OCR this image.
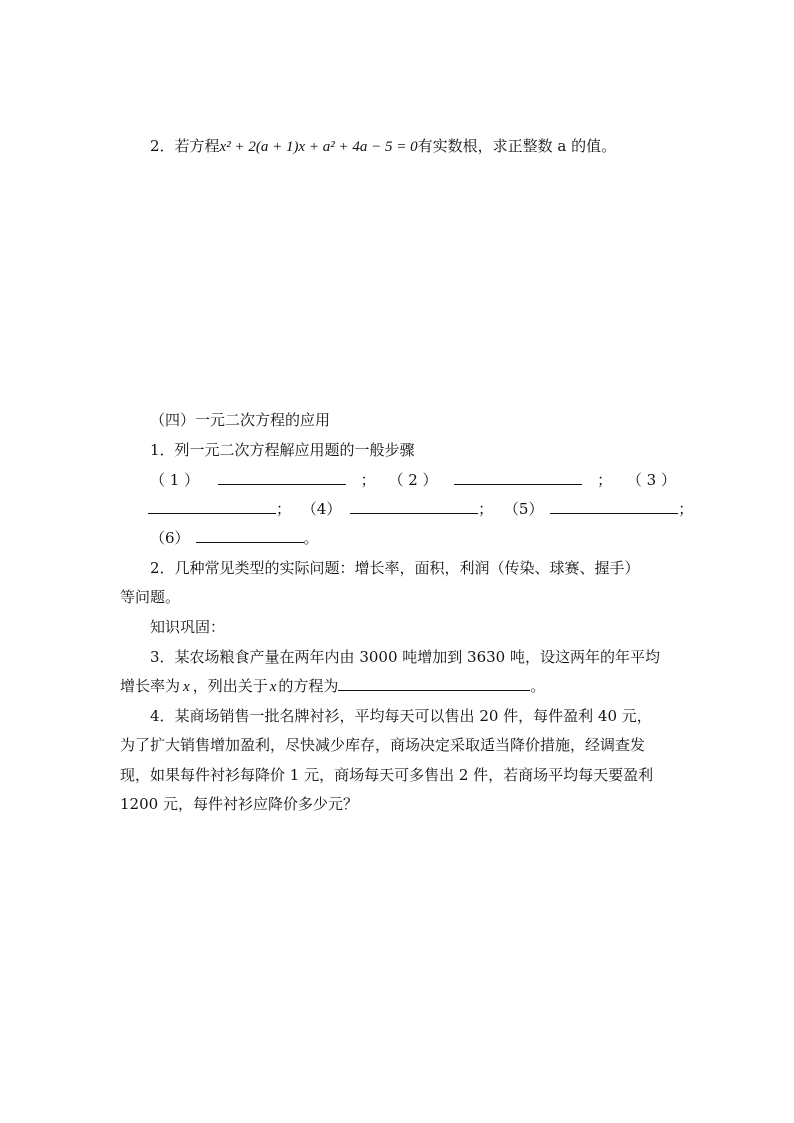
2．若方程x² + 2(a + 1)x + a² + 4a − 5 = 0有实数根，求正整数 a 的值。
（四）一元二次方程的应用
1．列一元二次方程解应用题的一般步骤
（ 1 ）	； （ 2 ）	； （ 3 ）
； （4）	； （5）	；
（6）	。
2．几种常见类型的实际问题：增长率，面积，利润（传染、球赛、握手）
等问题。
知识巩固：
3．某农场粮食产量在两年内由 3000 吨增加到 3630 吨，设这两年的年平均
增长率为 x ，列出关于 x 的方程为	。
4．某商场销售一批名牌衬衫，平均每天可以售出 20 件，每件盈利 40 元，
为了扩大销售增加盈利，尽快减少库存，商场决定采取适当降价措施，经调查发
现，如果每件衬衫每降价 1 元，商场每天可多售出 2 件，若商场平均每天要盈利
1200 元，每件衬衫应降价多少元？
